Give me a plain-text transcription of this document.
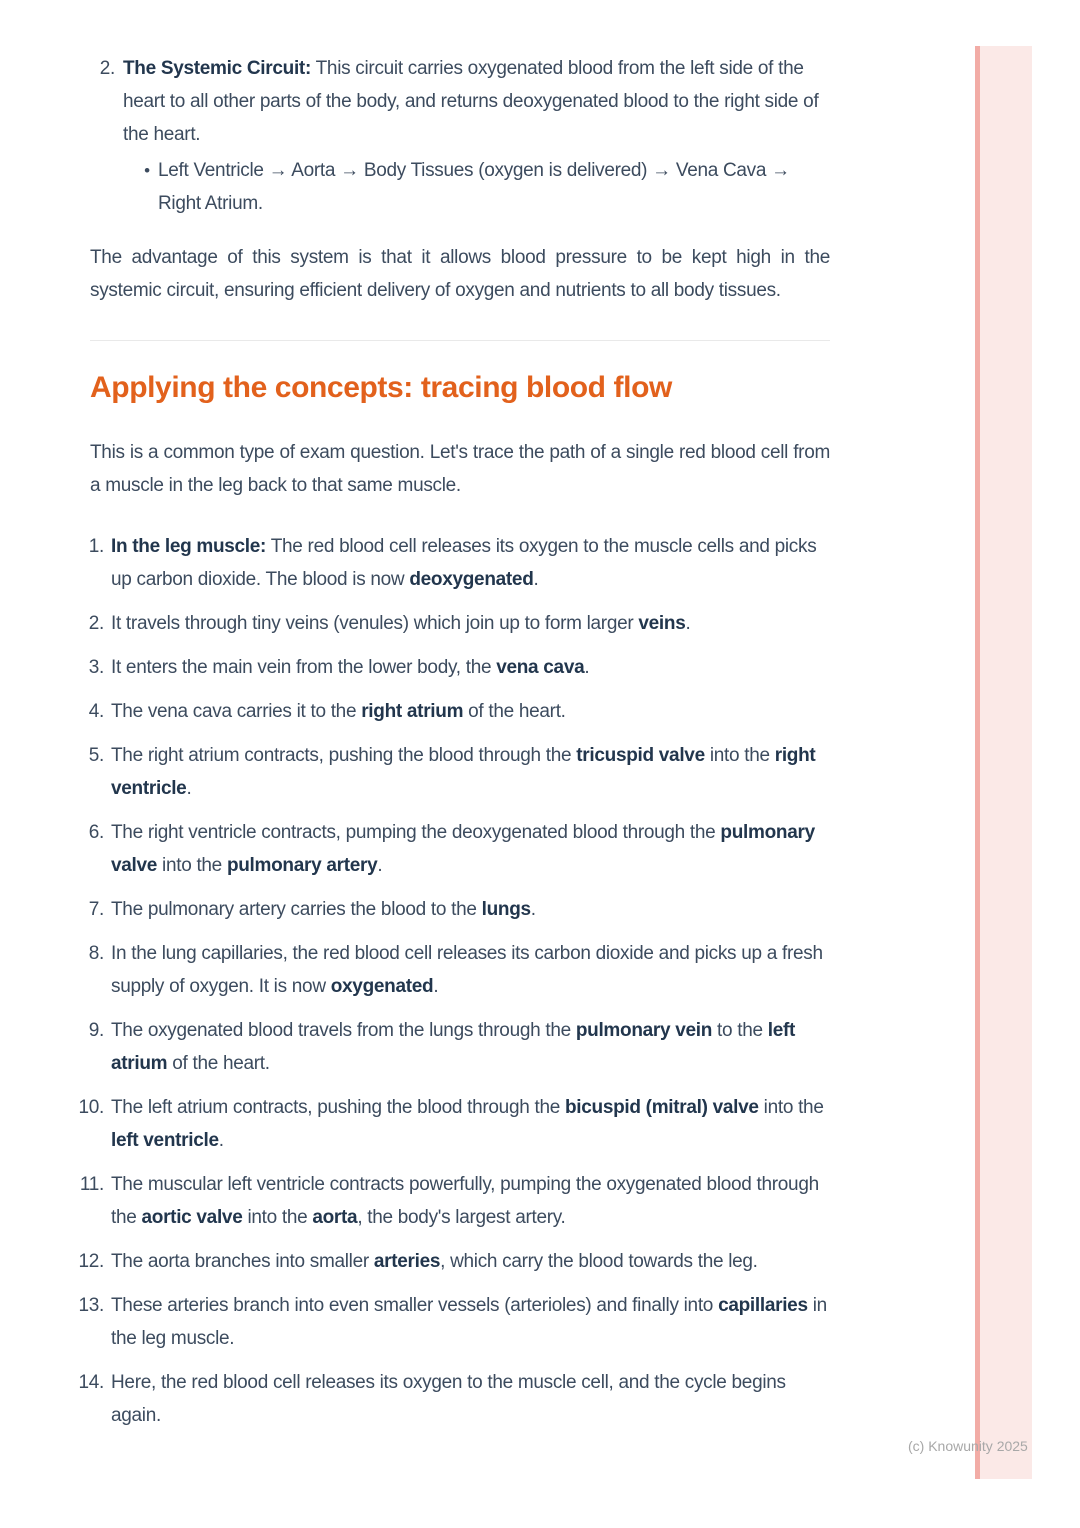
2. The Systemic Circuit: This circuit carries oxygenated blood from the left side of the heart to all other parts of the body, and returns deoxygenated blood to the right side of the heart.
•
Left Ventricle → Aorta → Body Tissues (oxygen is delivered) → Vena Cava → Right Atrium.

The advantage of this system is that it allows blood pressure to be kept high in the systemic circuit, ensuring efficient delivery of oxygen and nutrients to all body tissues.

Applying the concepts: tracing blood flow

This is a common type of exam question. Let's trace the path of a single red blood cell from a muscle in the leg back to that same muscle.

1. In the leg muscle: The red blood cell releases its oxygen to the muscle cells and picks up carbon dioxide. The blood is now deoxygenated.
2. It travels through tiny veins (venules) which join up to form larger veins.
3. It enters the main vein from the lower body, the vena cava.
4. The vena cava carries it to the right atrium of the heart.
5. The right atrium contracts, pushing the blood through the tricuspid valve into the right ventricle.
6. The right ventricle contracts, pumping the deoxygenated blood through the pulmonary valve into the pulmonary artery.
7. The pulmonary artery carries the blood to the lungs.
8. In the lung capillaries, the red blood cell releases its carbon dioxide and picks up a fresh supply of oxygen. It is now oxygenated.
9. The oxygenated blood travels from the lungs through the pulmonary vein to the left atrium of the heart.
10. The left atrium contracts, pushing the blood through the bicuspid (mitral) valve into the left ventricle.
11. The muscular left ventricle contracts powerfully, pumping the oxygenated blood through the aortic valve into the aorta, the body's largest artery.
12. The aorta branches into smaller arteries, which carry the blood towards the leg.
13. These arteries branch into even smaller vessels (arterioles) and finally into capillaries in the leg muscle.
14. Here, the red blood cell releases its oxygen to the muscle cell, and the cycle begins again.
(c) Knowunity 2025
